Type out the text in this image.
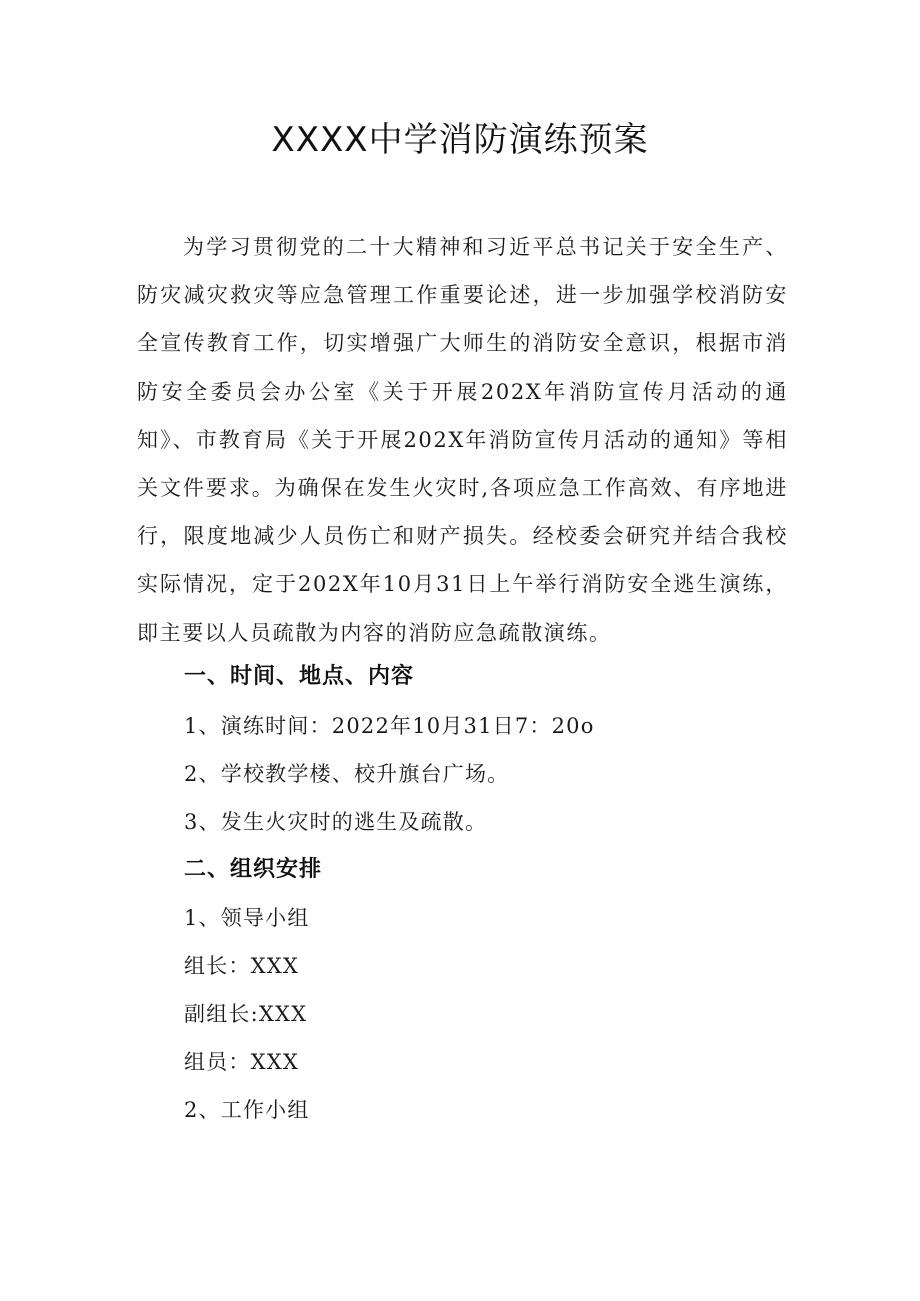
XXXX中学消防演练预案

为学习贯彻党的二十大精神和习近平总书记关于安全生产、防灾减灾救灾等应急管理工作重要论述，进一步加强学校消防安全宣传教育工作，切实增强广大师生的消防安全意识，根据市消防安全委员会办公室《关于开展202X年消防宣传月活动的通知》、市教育局《关于开展202X年消防宣传月活动的通知》等相关文件要求。为确保在发生火灾时,各项应急工作高效、有序地进行，限度地减少人员伤亡和财产损失。经校委会研究并结合我校实际情况，定于202X年10月31日上午举行消防安全逃生演练，即主要以人员疏散为内容的消防应急疏散演练。

一、时间、地点、内容
1、演练时间：2022年10月31日7：20o
2、学校教学楼、校升旗台广场。
3、发生火灾时的逃生及疏散。
二、组织安排
1、领导小组
组长：XXX
副组长:XXX
组员：XXX
2、工作小组
